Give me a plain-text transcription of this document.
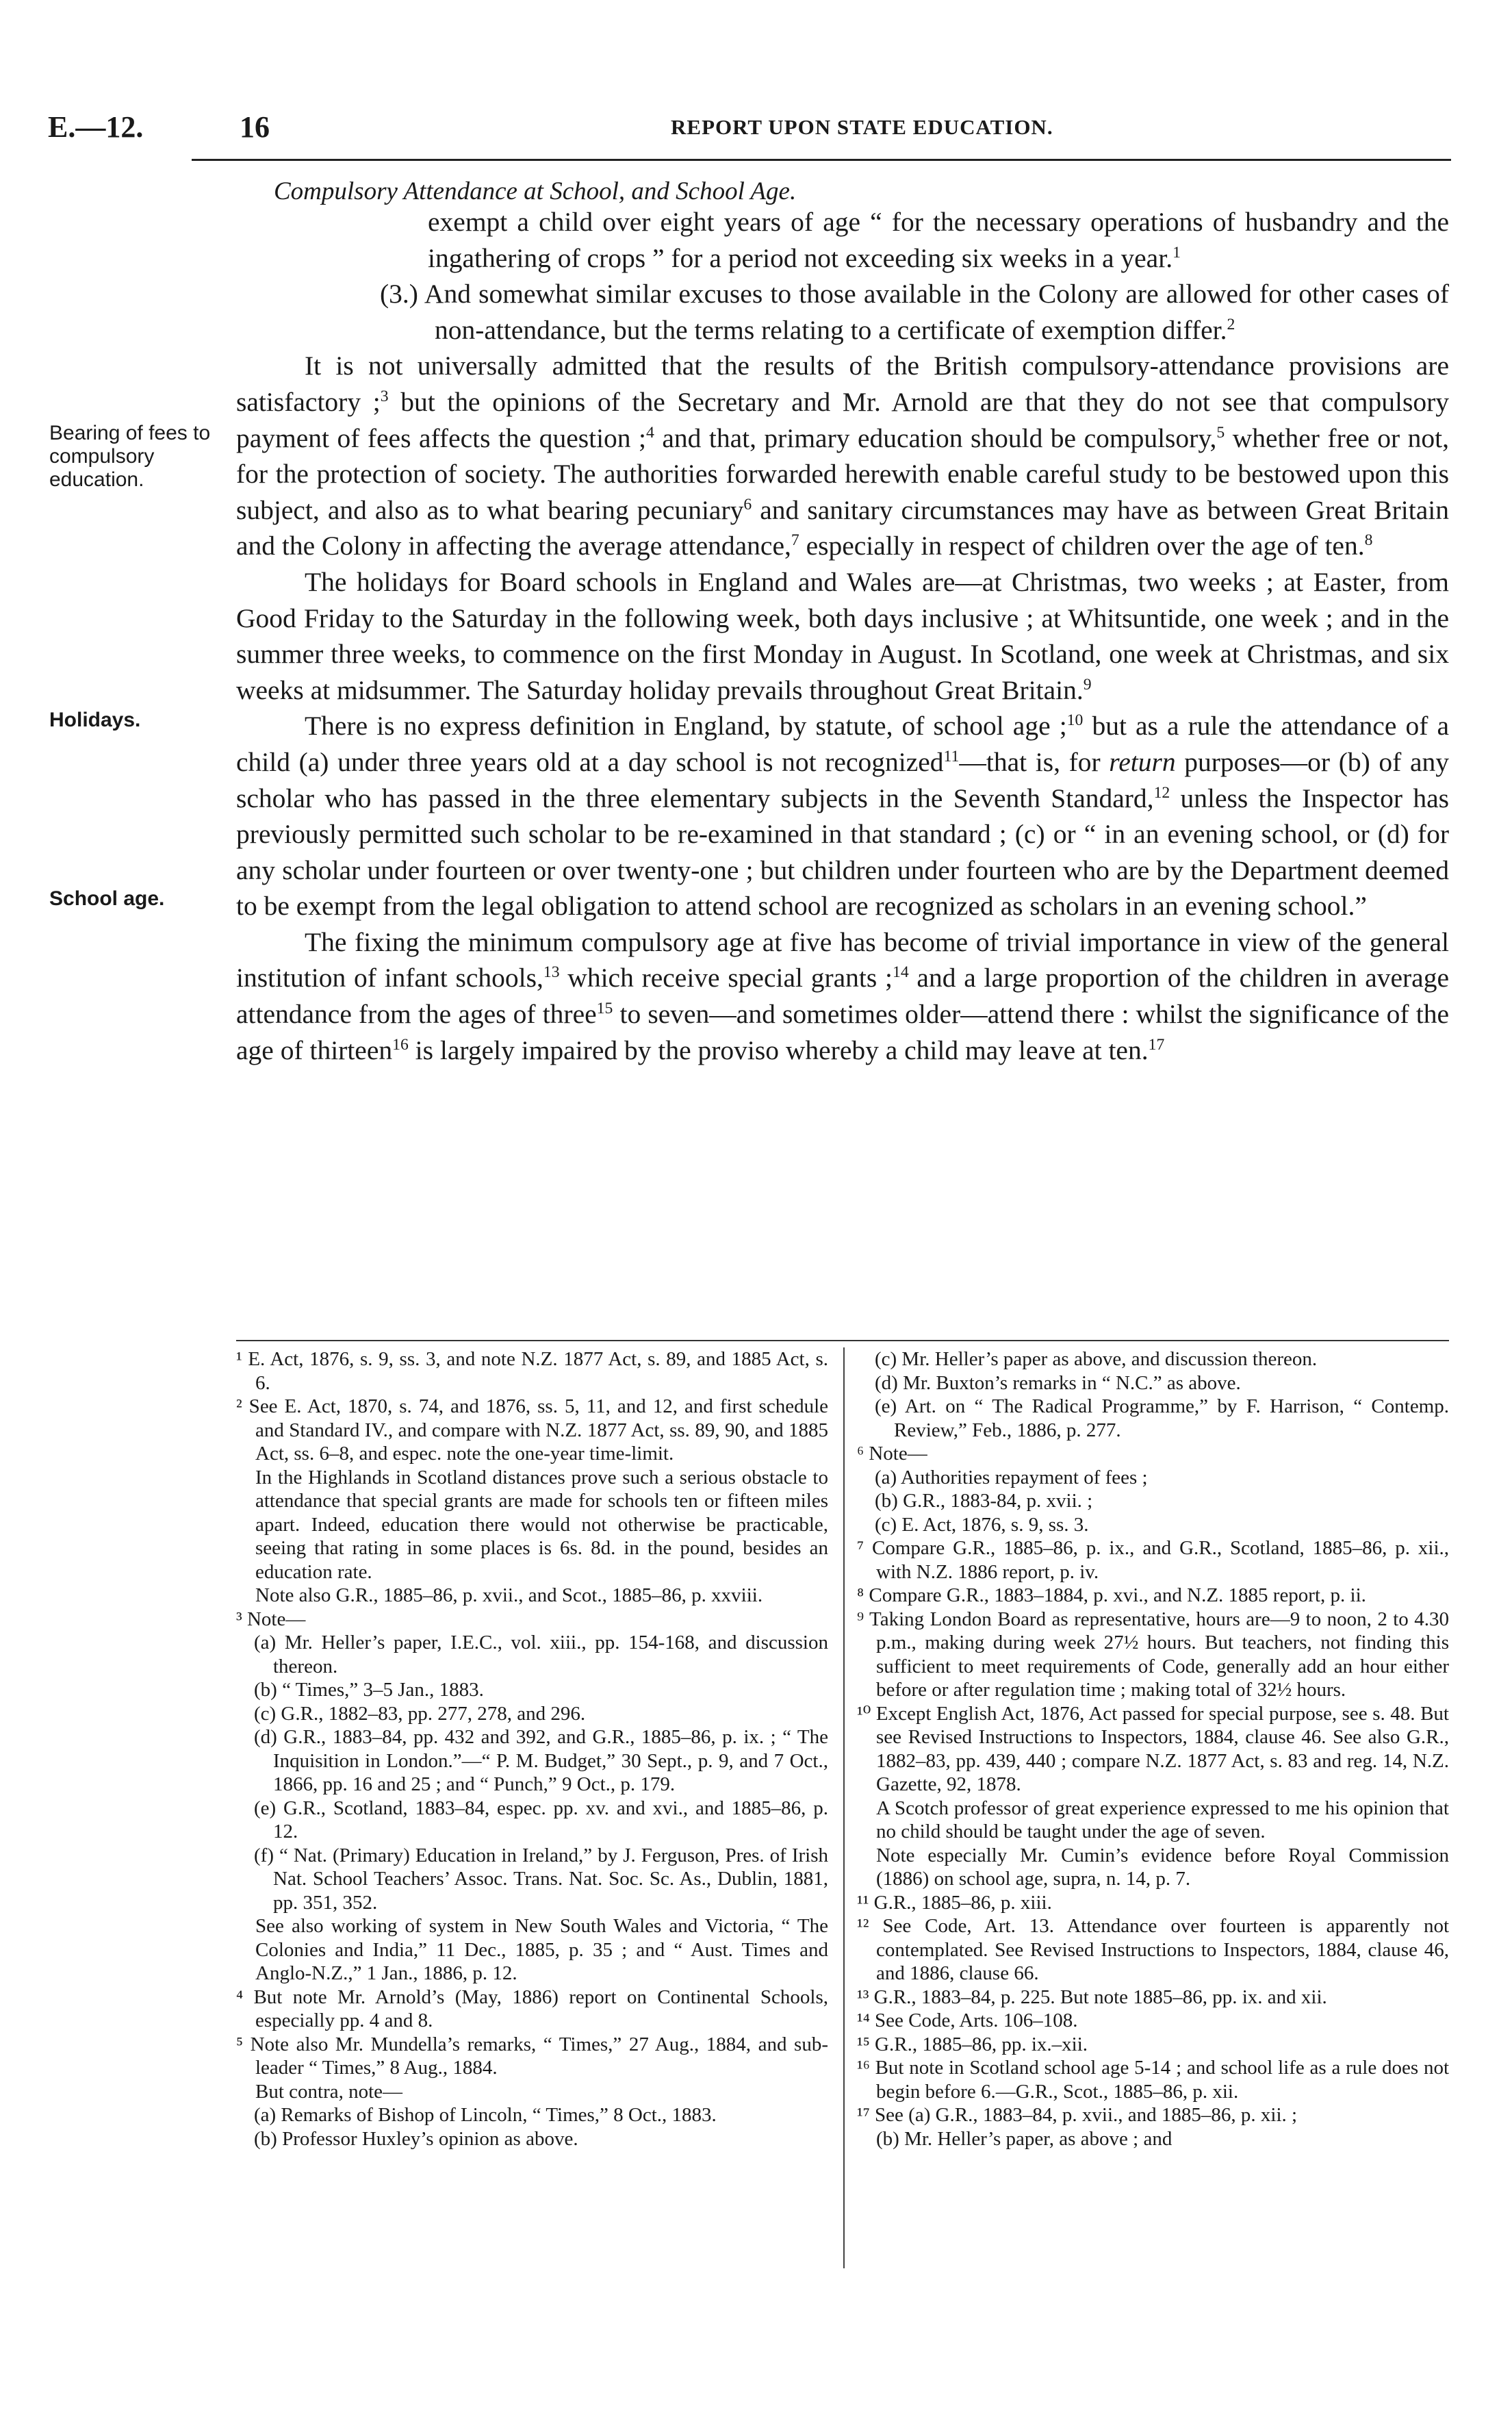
E.—12.	16	REPORT UPON STATE EDUCATION.
Compulsory Attendance at School, and School Age.
Bearing of fees to compulsory education.
Holidays.
School age.

exempt a child over eight years of age “ for the necessary operations of husbandry and the ingathering of crops ” for a period not exceeding six weeks in a year.$^1$

(3.) And somewhat similar excuses to those available in the Colony are allowed for other cases of non-attendance, but the terms relating to a certificate of exemption differ.$^2$

It is not universally admitted that the results of the British compulsory-attendance provisions are satisfactory ;$^3$ but the opinions of the Secretary and Mr. Arnold are that they do not see that compulsory payment of fees affects the question ;$^4$ and that, primary education should be compulsory,$^5$ whether free or not, for the protection of society. The authorities forwarded herewith enable careful study to be bestowed upon this subject, and also as to what bearing pecuniary$^6$ and sanitary circumstances may have as between Great Britain and the Colony in affecting the average attendance,$^7$ especially in respect of children over the age of ten.$^8$

The holidays for Board schools in England and Wales are—at Christmas, two weeks ; at Easter, from Good Friday to the Saturday in the following week, both days inclusive ; at Whitsuntide, one week ; and in the summer three weeks, to commence on the first Monday in August. In Scotland, one week at Christmas, and six weeks at midsummer. The Saturday holiday prevails throughout Great Britain.$^9$

There is no express definition in England, by statute, of school age ;$^{10}$ but as a rule the attendance of a child (a) under three years old at a day school is not recognized$^{11}$—that is, for return purposes—or (b) of any scholar who has passed in the three elementary subjects in the Seventh Standard,$^{12}$ unless the Inspector has previously permitted such scholar to be re-examined in that standard ; (c) or “ in an evening school, or (d) for any scholar under fourteen or over twenty-one ; but children under fourteen who are by the Department deemed to be exempt from the legal obligation to attend school are recognized as scholars in an evening school.”

The fixing the minimum compulsory age at five has become of trivial importance in view of the general institution of infant schools,$^{13}$ which receive special grants ;$^{14}$ and a large proportion of the children in average attendance from the ages of three$^{15}$ to seven—and sometimes older—attend there : whilst the significance of the age of thirteen$^{16}$ is largely impaired by the proviso whereby a child may leave at ten.$^{17}$

¹ E. Act, 1876, s. 9, ss. 3, and note N.Z. 1877 Act, s. 89, and 1885 Act, s. 6.
² See E. Act, 1870, s. 74, and 1876, ss. 5, 11, and 12, and first schedule and Standard IV., and compare with N.Z. 1877 Act, ss. 89, 90, and 1885 Act, ss. 6–8, and espec. note the one-year time-limit.
In the Highlands in Scotland distances prove such a serious obstacle to attendance that special grants are made for schools ten or fifteen miles apart. Indeed, education there would not otherwise be practicable, seeing that rating in some places is 6s. 8d. in the pound, besides an education rate.
Note also G.R., 1885–86, p. xvii., and Scot., 1885–86, p. xxviii.
³ Note—
(a) Mr. Heller’s paper, I.E.C., vol. xiii., pp. 154-168, and discussion thereon.
(b) “ Times,” 3–5 Jan., 1883.
(c) G.R., 1882–83, pp. 277, 278, and 296.
(d) G.R., 1883–84, pp. 432 and 392, and G.R., 1885–86, p. ix. ; “ The Inquisition in London.”—“ P. M. Budget,” 30 Sept., p. 9, and 7 Oct., 1866, pp. 16 and 25 ; and “ Punch,” 9 Oct., p. 179.
(e) G.R., Scotland, 1883–84, espec. pp. xv. and xvi., and 1885–86, p. 12.
(f) “ Nat. (Primary) Education in Ireland,” by J. Ferguson, Pres. of Irish Nat. School Teachers’ Assoc. Trans. Nat. Soc. Sc. As., Dublin, 1881, pp. 351, 352.
See also working of system in New South Wales and Victoria, “ The Colonies and India,” 11 Dec., 1885, p. 35 ; and “ Aust. Times and Anglo-N.Z.,” 1 Jan., 1886, p. 12.
⁴ But note Mr. Arnold’s (May, 1886) report on Continental Schools, especially pp. 4 and 8.
⁵ Note also Mr. Mundella’s remarks, “ Times,” 27 Aug., 1884, and sub-leader “ Times,” 8 Aug., 1884.
But contra, note—
(a) Remarks of Bishop of Lincoln, “ Times,” 8 Oct., 1883.
(b) Professor Huxley’s opinion as above.
(c) Mr. Heller’s paper as above, and discussion thereon.
(d) Mr. Buxton’s remarks in “ N.C.” as above.
(e) Art. on “ The Radical Programme,” by F. Harrison, “ Contemp. Review,” Feb., 1886, p. 277.
⁶ Note—
(a) Authorities repayment of fees ;
(b) G.R., 1883-84, p. xvii. ;
(c) E. Act, 1876, s. 9, ss. 3.
⁷ Compare G.R., 1885–86, p. ix., and G.R., Scotland, 1885–86, p. xii., with N.Z. 1886 report, p. iv.
⁸ Compare G.R., 1883–1884, p. xvi., and N.Z. 1885 report, p. ii.
⁹ Taking London Board as representative, hours are—9 to noon, 2 to 4.30 p.m., making during week 27½ hours. But teachers, not finding this sufficient to meet requirements of Code, generally add an hour either before or after regulation time ; making total of 32½ hours.
¹⁰ Except English Act, 1876, Act passed for special purpose, see s. 48. But see Revised Instructions to Inspectors, 1884, clause 46. See also G.R., 1882–83, pp. 439, 440 ; compare N.Z. 1877 Act, s. 83 and reg. 14, N.Z. Gazette, 92, 1878.
A Scotch professor of great experience expressed to me his opinion that no child should be taught under the age of seven.
Note especially Mr. Cumin’s evidence before Royal Commission (1886) on school age, supra, n. 14, p. 7.
¹¹ G.R., 1885–86, p. xiii.
¹² See Code, Art. 13. Attendance over fourteen is apparently not contemplated. See Revised Instructions to Inspectors, 1884, clause 46, and 1886, clause 66.
¹³ G.R., 1883–84, p. 225. But note 1885–86, pp. ix. and xii.
¹⁴ See Code, Arts. 106–108.
¹⁵ G.R., 1885–86, pp. ix.–xii.
¹⁶ But note in Scotland school age 5-14 ; and school life as a rule does not begin before 6.—G.R., Scot., 1885–86, p. xii.
¹⁷ See (a) G.R., 1883–84, p. xvii., and 1885–86, p. xii. ;
(b) Mr. Heller’s paper, as above ; and
